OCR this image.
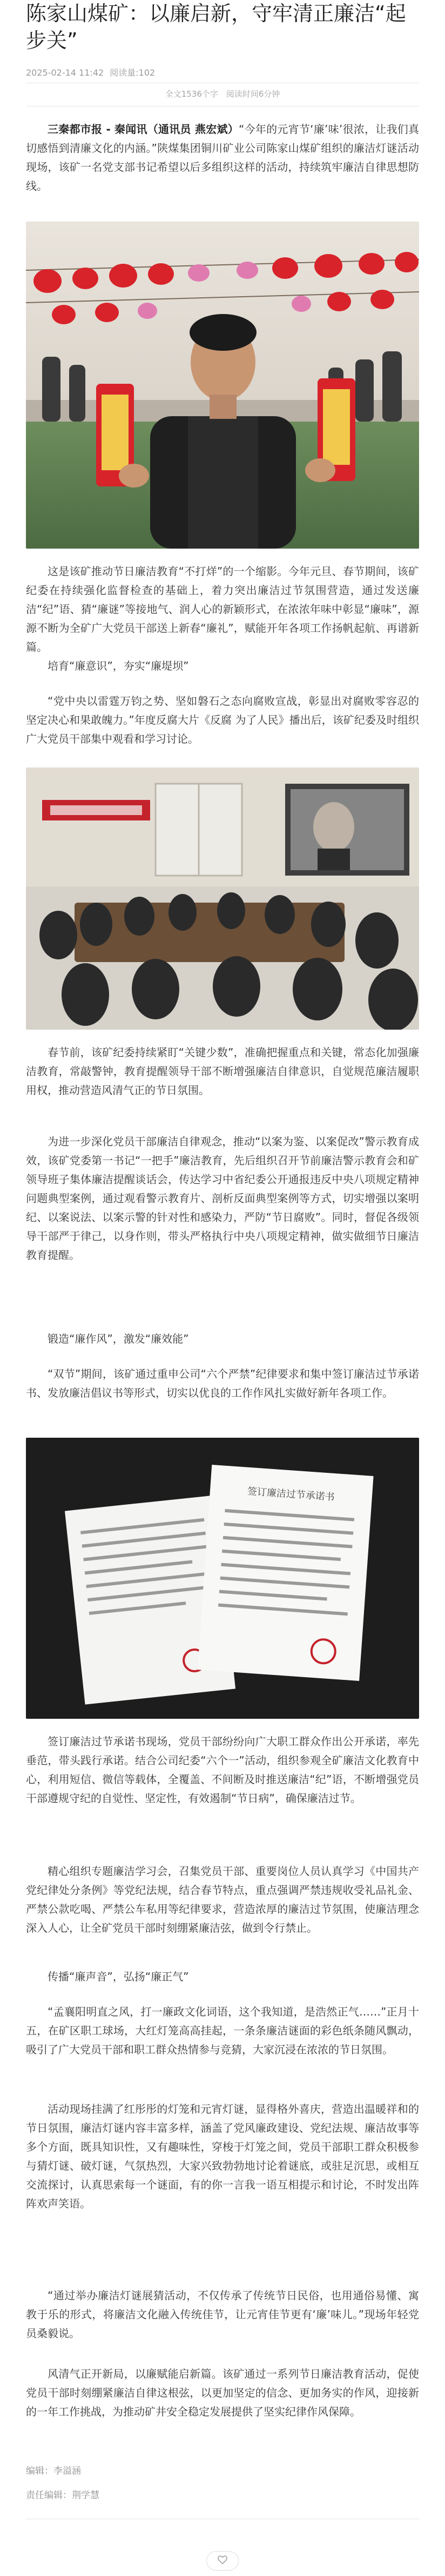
陈家山煤矿：以廉启新，守牢清正廉洁“起步关”
2025-02-14 11:42 阅读量:102
全文1536个字 阅读时间6分钟

三秦都市报 - 秦闻讯（通讯员 燕宏斌）“今年的元宵节‘廉’味’很浓，让我们真切感悟到清廉文化的内涵。”陕煤集团铜川矿业公司陈家山煤矿组织的廉洁灯谜活动现场，该矿一名党支部书记希望以后多组织这样的活动，持续筑牢廉洁自律思想防线。

这是该矿推动节日廉洁教育“不打烊”的一个缩影。今年元旦、春节期间，该矿纪委在持续强化监督检查的基础上，着力突出廉洁过节氛围营造，通过发送廉洁“纪”语、猜“廉谜”等接地气、润人心的新颖形式，在浓浓年味中彰显“廉味”，源源不断为全矿广大党员干部送上新春“廉礼”，赋能开年各项工作扬帆起航、再谱新篇。

培育“廉意识”，夯实“廉堤坝”

“党中央以雷霆万钧之势、坚如磐石之态向腐败宣战，彰显出对腐败零容忍的坚定决心和果敢魄力。”年度反腐大片《反腐 为了人民》播出后，该矿纪委及时组织广大党员干部集中观看和学习讨论。

春节前，该矿纪委持续紧盯“关键少数”，准确把握重点和关键，常态化加强廉洁教育，常敲警钟，教育提醒领导干部不断增强廉洁自律意识，自觉规范廉洁履职用权，推动营造风清气正的节日氛围。

为进一步深化党员干部廉洁自律观念，推动“以案为鉴、以案促改”警示教育成效，该矿党委第一书记“一把手”廉洁教育，先后组织召开节前廉洁警示教育会和矿领导班子集体廉洁提醒谈话会，传达学习中省纪委公开通报违反中央八项规定精神问题典型案例，通过观看警示教育片、剖析反面典型案例等方式，切实增强以案明纪、以案说法、以案示警的针对性和感染力，严防“节日腐败”。同时，督促各级领导干部严于律己，以身作则，带头严格执行中央八项规定精神，做实做细节日廉洁教育提醒。

锻造“廉作风”，激发“廉效能”

“双节”期间，该矿通过重申公司“六个严禁”纪律要求和集中签订廉洁过节承诺书、发放廉洁倡议书等形式，切实以优良的工作作风扎实做好新年各项工作。

签订廉洁过节承诺书

签订廉洁过节承诺书现场，党员干部纷纷向广大职工群众作出公开承诺，率先垂范，带头践行承诺。结合公司纪委“六个一”活动，组织参观全矿廉洁文化教育中心，利用短信、微信等载体，全覆盖、不间断及时推送廉洁“纪”语，不断增强党员干部遵规守纪的自觉性、坚定性，有效遏制“节日病”，确保廉洁过节。

精心组织专题廉洁学习会，召集党员干部、重要岗位人员认真学习《中国共产党纪律处分条例》等党纪法规，结合春节特点，重点强调严禁违规收受礼品礼金、严禁公款吃喝、严禁公车私用等纪律要求，营造浓厚的廉洁过节氛围，使廉洁理念深入人心，让全矿党员干部时刻绷紧廉洁弦，做到令行禁止。

传播“廉声音”，弘扬“廉正气”

“孟襄阳明直之风，打一廉政文化词语，这个我知道，是浩然正气……”正月十五，在矿区职工球场，大红灯笼高高挂起，一条条廉洁谜面的彩色纸条随风飘动，吸引了广大党员干部和职工群众热情参与竞猜，大家沉浸在浓浓的节日氛围。

活动现场挂满了红彤彤的灯笼和元宵灯谜，显得格外喜庆，营造出温暖祥和的节日氛围，廉洁灯谜内容丰富多样，涵盖了党风廉政建设、党纪法规、廉洁故事等多个方面，既具知识性，又有趣味性，穿梭于灯笼之间，党员干部职工群众积极参与猜灯谜、破灯谜，气氛热烈，大家兴致勃勃地讨论着谜底，或驻足沉思，或相互交流探讨，认真思索每一个谜面，有的你一言我一语互相提示和讨论，不时发出阵阵欢声笑语。

“通过举办廉洁灯谜展猜活动，不仅传承了传统节日民俗，也用通俗易懂、寓教于乐的形式，将廉洁文化融入传统佳节，让元宵佳节更有‘廉’味儿。”现场年轻党员桑毅说。

风清气正开新局，以廉赋能启新篇。该矿通过一系列节日廉洁教育活动，促使党员干部时刻绷紧廉洁自律这根弦，以更加坚定的信念、更加务实的作风，迎接新的一年工作挑战，为推动矿井安全稳定发展提供了坚实纪律作风保障。

编辑：李溢涵
责任编辑：荆学慧
